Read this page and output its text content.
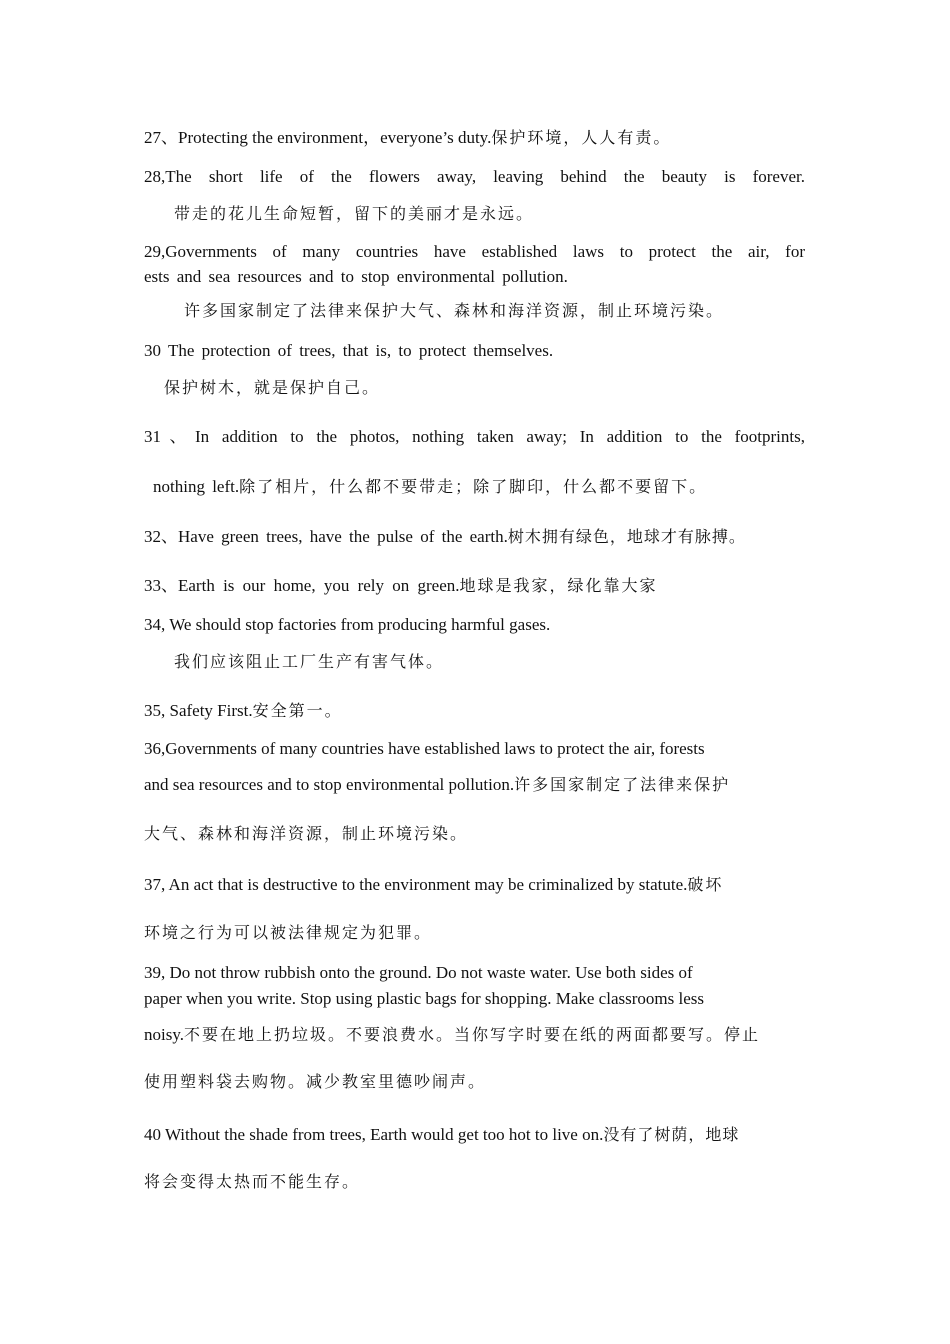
27、Protecting the environment，everyone’s duty.保护环境，人人有责。
28,The short life of the flowers away, leaving behind the beauty is forever.
带走的花儿生命短暂，留下的美丽才是永远。
29,Governments of many countries have established laws to protect the air, for
ests and sea resources and to stop environmental pollution.
许多国家制定了法律来保护大气、森林和海洋资源，制止环境污染。
30 The protection of trees, that is, to protect themselves.
保护树木，就是保护自己。
31、In addition to the photos, nothing taken away; In addition to the footprints,
nothing left.除了相片，什么都不要带走；除了脚印，什么都不要留下。
32、Have green trees, have the pulse of the earth.树木拥有绿色，地球才有脉搏。
33、Earth is our home, you rely on green.地球是我家，绿化靠大家
34, We should stop factories from producing harmful gases.
我们应该阻止工厂生产有害气体。
35, Safety First.安全第一。
36,Governments of many countries have established laws to protect the air, forests
and sea resources and to stop environmental pollution.许多国家制定了法律来保护
大气、森林和海洋资源，制止环境污染。
37, An act that is destructive to the environment may be criminalized by statute.破坏
环境之行为可以被法律规定为犯罪。
39, Do not throw rubbish onto the ground. Do not waste water. Use both sides of
paper when you write. Stop using plastic bags for shopping. Make classrooms less
noisy.不要在地上扔垃圾。不要浪费水。当你写字时要在纸的两面都要写。停止
使用塑料袋去购物。减少教室里德吵闹声。
40 Without the shade from trees, Earth would get too hot to live on.没有了树荫，地球
将会变得太热而不能生存。
